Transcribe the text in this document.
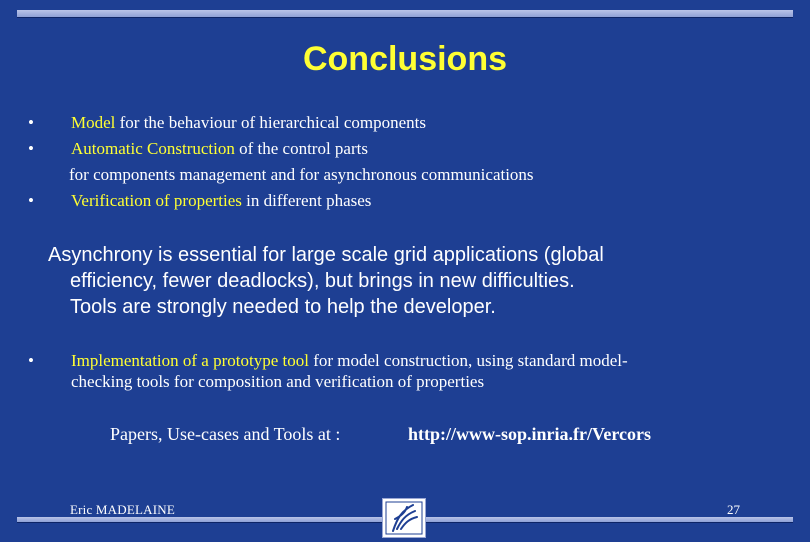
Conclusions
• Model for the behaviour of hierarchical components
• Automatic Construction of the control parts
for components management and for asynchronous communications
• Verification of properties in different phases
Asynchrony is essential for large scale grid applications (global
efficiency, fewer deadlocks), but brings in new difficulties.
Tools are strongly needed to help the developer.
• Implementation of a prototype tool for model construction, using standard model-
checking tools for composition and verification of properties
Papers, Use-cases and Tools at :	http://www-sop.inria.fr/Vercors
Eric MADELAINE	27
